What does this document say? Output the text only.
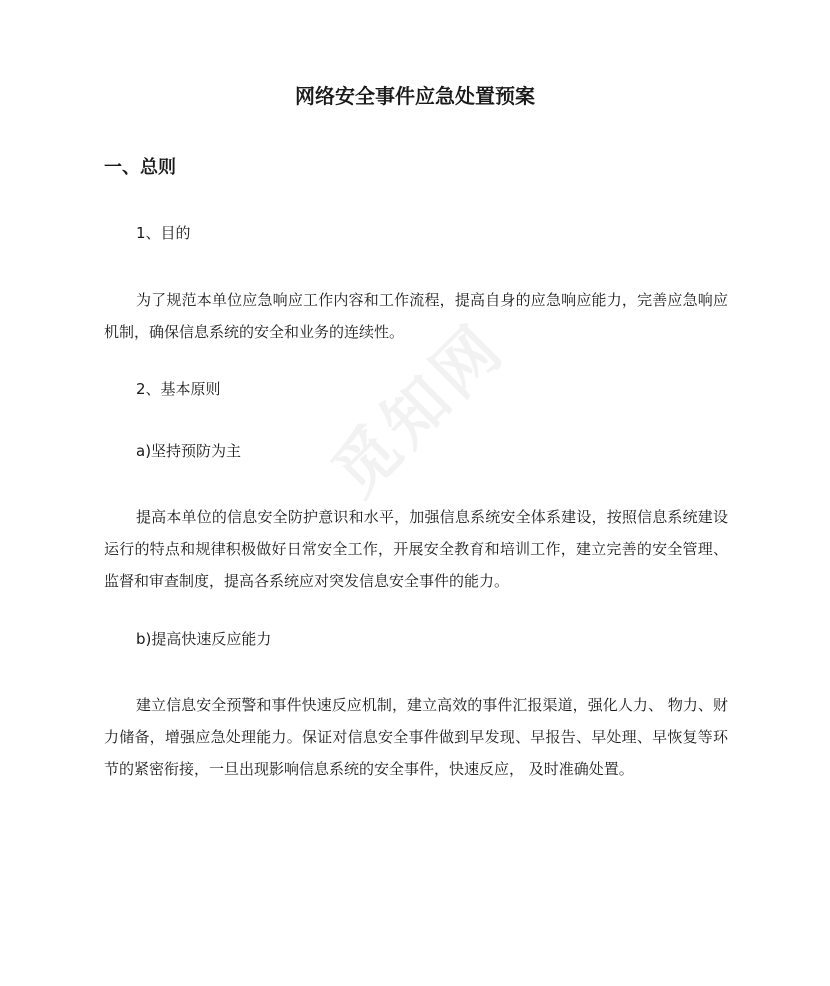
觅知网
网络安全事件应急处置预案
一、总则
1、目的
为了规范本单位应急响应工作内容和工作流程，提高自身的应急响应能力，完善应急响应机制，确保信息系统的安全和业务的连续性。
2、基本原则
a)坚持预防为主
提高本单位的信息安全防护意识和水平，加强信息系统安全体系建设，按照信息系统建设运行的特点和规律积极做好日常安全工作，开展安全教育和培训工作，建立完善的安全管理、监督和审查制度，提高各系统应对突发信息安全事件的能力。
b)提高快速反应能力
建立信息安全预警和事件快速反应机制，建立高效的事件汇报渠道，强化人力、 物力、财力储备，增强应急处理能力。保证对信息安全事件做到早发现、早报告、早处理、早恢复等环节的紧密衔接，一旦出现影响信息系统的安全事件，快速反应， 及时准确处置。
